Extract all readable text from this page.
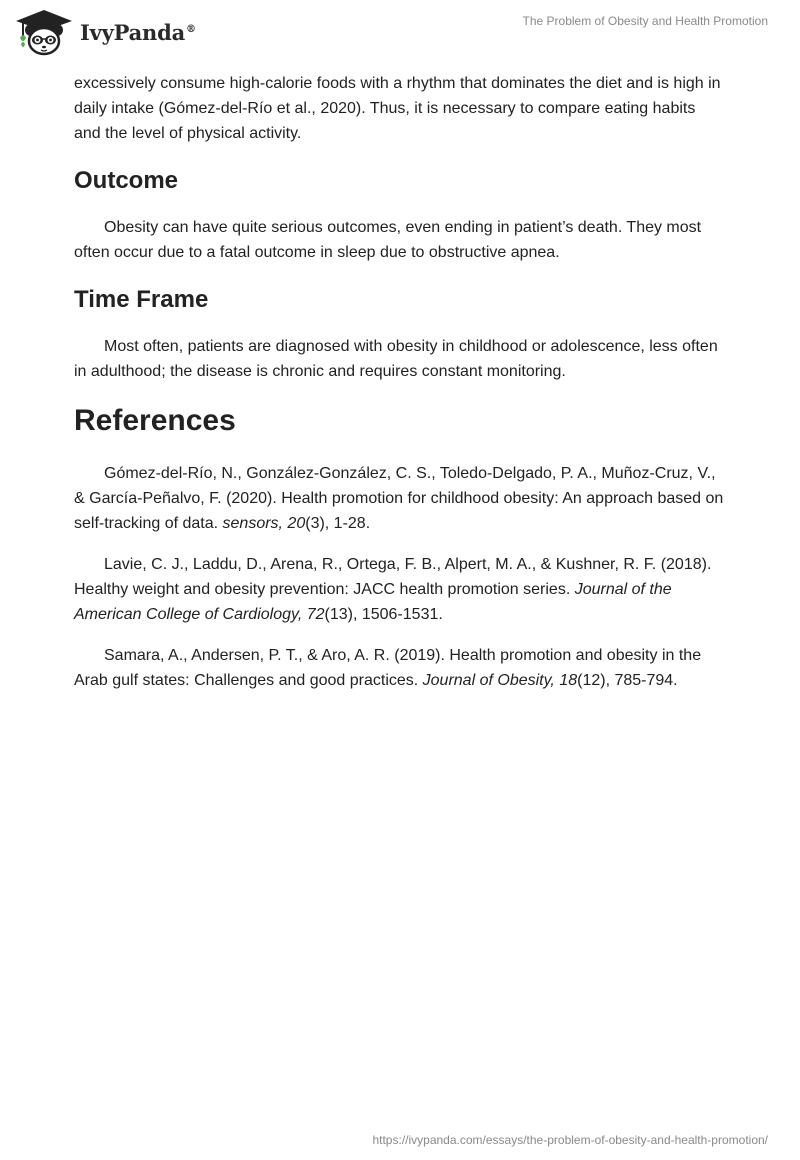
IvyPanda®
The Problem of Obesity and Health Promotion

excessively consume high-calorie foods with a rhythm that dominates the diet and is high in daily intake (Gómez-del-Río et al., 2020). Thus, it is necessary to compare eating habits and the level of physical activity.

Outcome

Obesity can have quite serious outcomes, even ending in patient’s death. They most often occur due to a fatal outcome in sleep due to obstructive apnea.

Time Frame

Most often, patients are diagnosed with obesity in childhood or adolescence, less often in adulthood; the disease is chronic and requires constant monitoring.

References

Gómez-del-Río, N., González-González, C. S., Toledo-Delgado, P. A., Muñoz-Cruz, V., & García-Peñalvo, F. (2020). Health promotion for childhood obesity: An approach based on self-tracking of data. sensors, 20(3), 1-28.

Lavie, C. J., Laddu, D., Arena, R., Ortega, F. B., Alpert, M. A., & Kushner, R. F. (2018). Healthy weight and obesity prevention: JACC health promotion series. Journal of the American College of Cardiology, 72(13), 1506-1531.

Samara, A., Andersen, P. T., & Aro, A. R. (2019). Health promotion and obesity in the Arab gulf states: Challenges and good practices. Journal of Obesity, 18(12), 785-794.

https://ivypanda.com/essays/the-problem-of-obesity-and-health-promotion/
